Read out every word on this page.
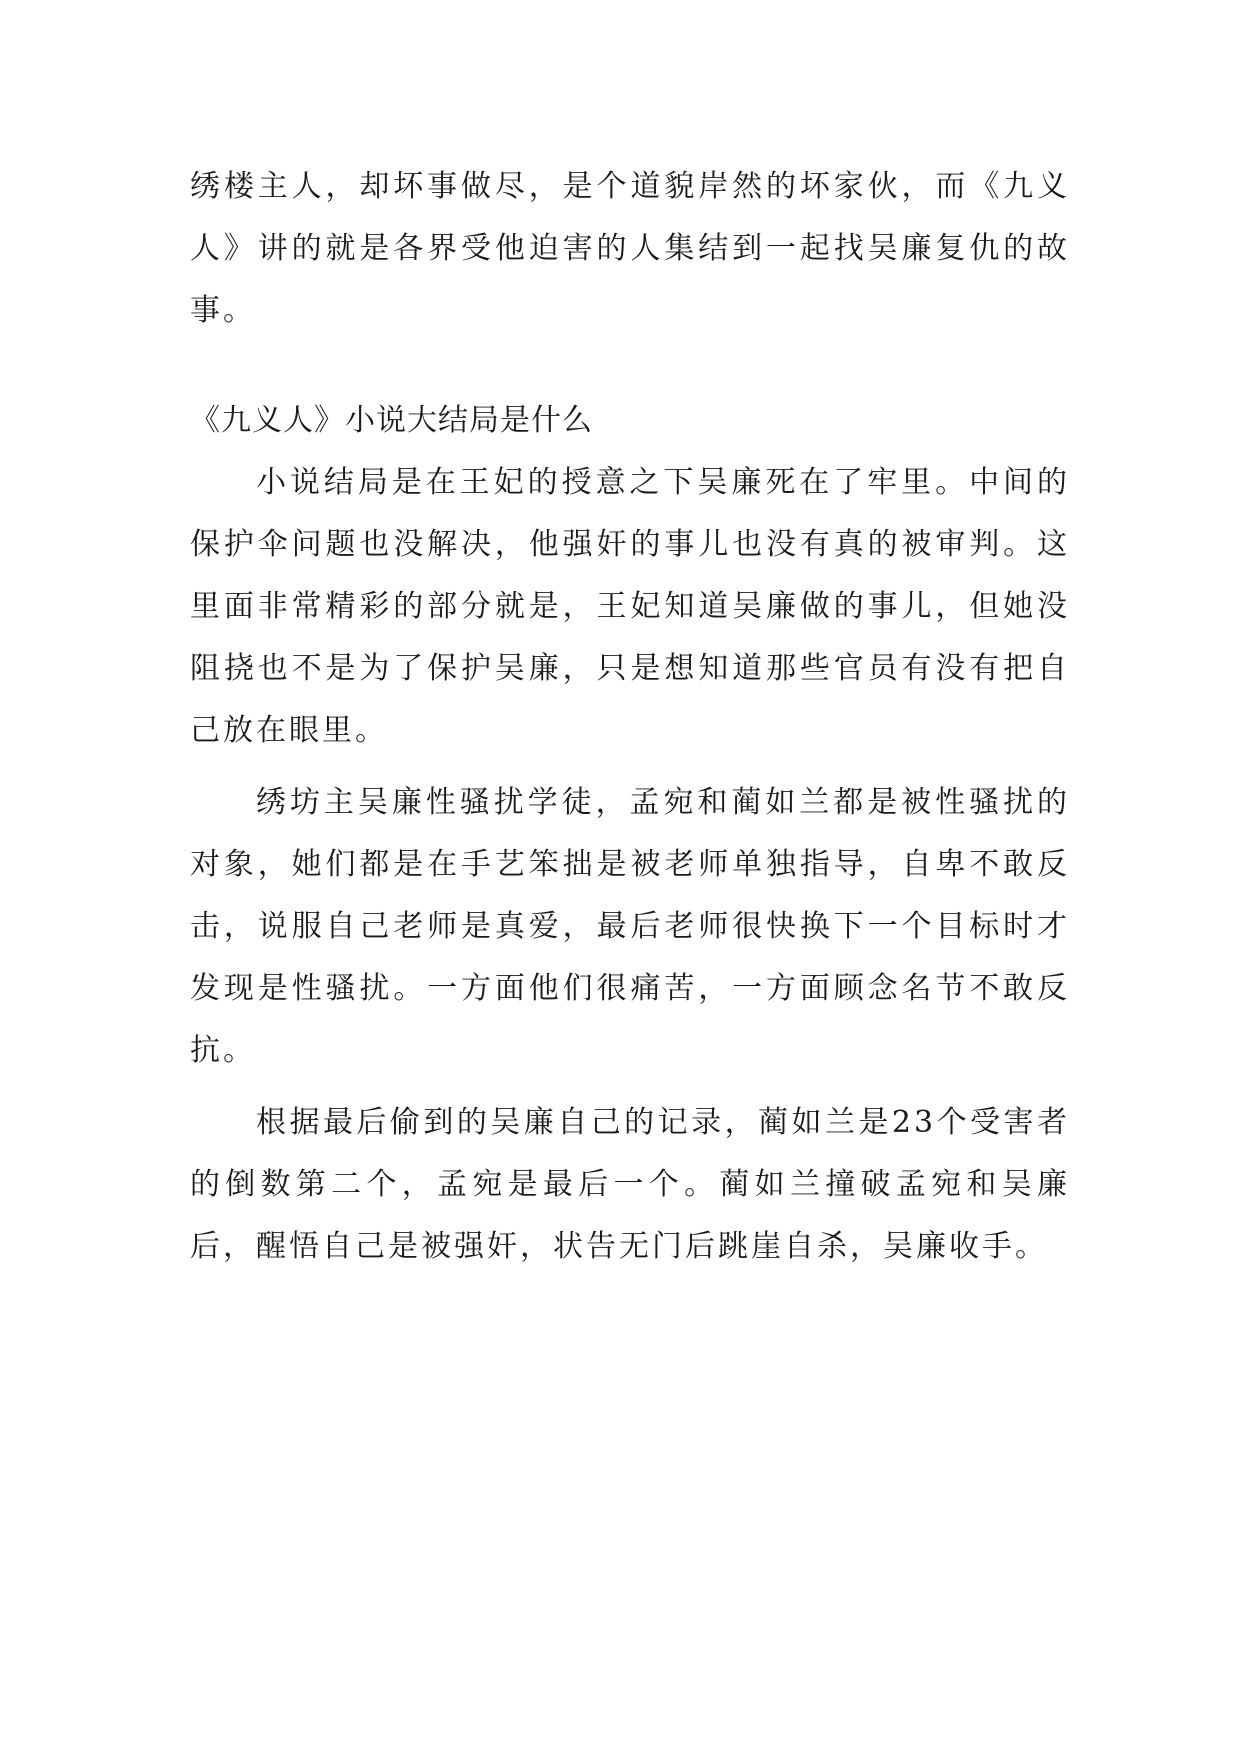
绣楼主人，却坏事做尽，是个道貌岸然的坏家伙，而《九义人》讲的就是各界受他迫害的人集结到一起找吴廉复仇的故事。

《九义人》小说大结局是什么

小说结局是在王妃的授意之下吴廉死在了牢里。中间的保护伞问题也没解决，他强奸的事儿也没有真的被审判。这里面非常精彩的部分就是，王妃知道吴廉做的事儿，但她没阻挠也不是为了保护吴廉，只是想知道那些官员有没有把自己放在眼里。

绣坊主吴廉性骚扰学徒，孟宛和蔺如兰都是被性骚扰的对象，她们都是在手艺笨拙是被老师单独指导，自卑不敢反击，说服自己老师是真爱，最后老师很快换下一个目标时才发现是性骚扰。一方面他们很痛苦，一方面顾念名节不敢反抗。

根据最后偷到的吴廉自己的记录，蔺如兰是23个受害者的倒数第二个，孟宛是最后一个。蔺如兰撞破孟宛和吴廉后，醒悟自己是被强奸，状告无门后跳崖自杀，吴廉收手。
